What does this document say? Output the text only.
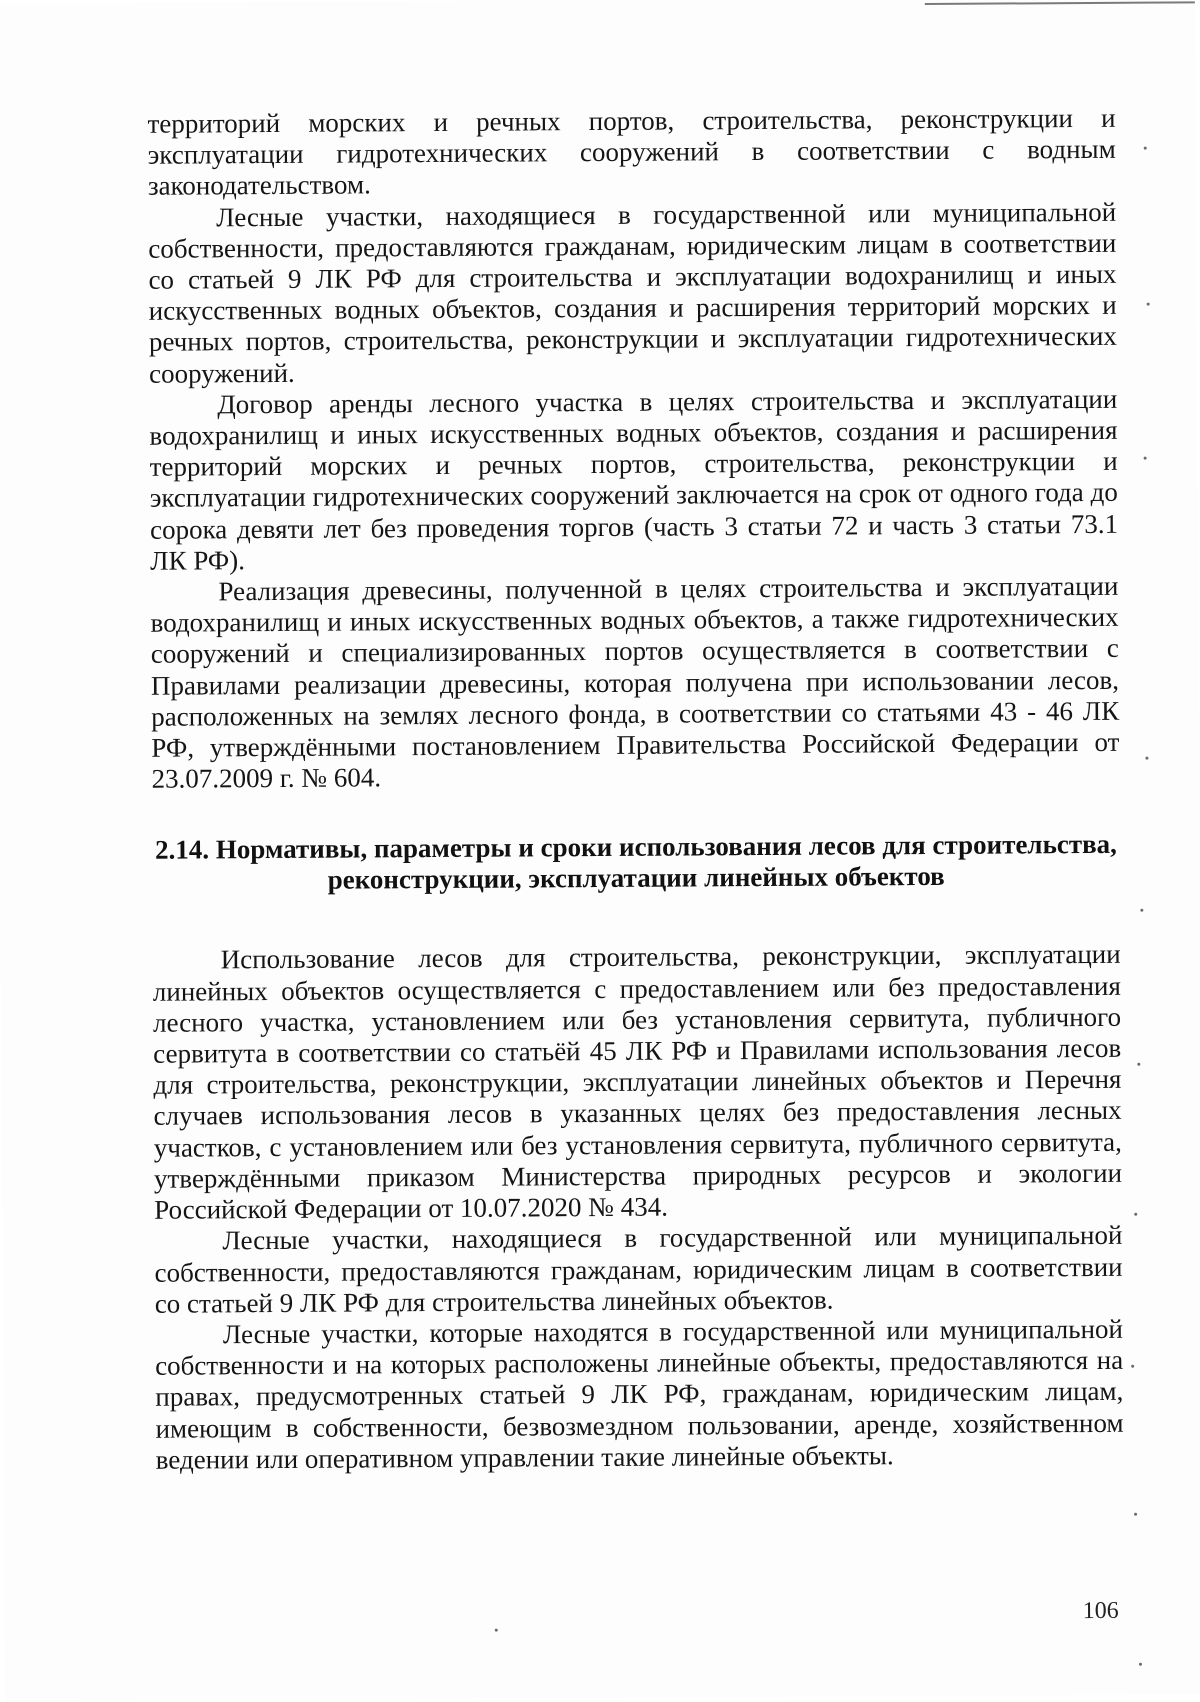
территорий морских и речных портов, строительства, реконструкции и эксплуатации гидротехнических сооружений в соответствии с водным законодательством.

Лесные участки, находящиеся в государственной или муниципальной собственности, предоставляются гражданам, юридическим лицам в соответствии со статьей 9 ЛК РФ для строительства и эксплуатации водохранилищ и иных искусственных водных объектов, создания и расширения территорий морских и речных портов, строительства, реконструкции и эксплуатации гидротехнических сооружений.

Договор аренды лесного участка в целях строительства и эксплуатации водохранилищ и иных искусственных водных объектов, создания и расширения территорий морских и речных портов, строительства, реконструкции и эксплуатации гидротехнических сооружений заключается на срок от одного года до сорока девяти лет без проведения торгов (часть 3 статьи 72 и часть 3 статьи 73.1 ЛК РФ).

Реализация древесины, полученной в целях строительства и эксплуатации водохранилищ и иных искусственных водных объектов, а также гидротехнических сооружений и специализированных портов осуществляется в соответствии с Правилами реализации древесины, которая получена при использовании лесов, расположенных на землях лесного фонда, в соответствии со статьями 43 - 46 ЛК РФ, утверждёнными постановлением Правительства Российской Федерации от 23.07.2009 г. № 604.

2.14. Нормативы, параметры и сроки использования лесов для строительства, реконструкции, эксплуатации линейных объектов

Использование лесов для строительства, реконструкции, эксплуатации линейных объектов осуществляется с предоставлением или без предоставления лесного участка, установлением или без установления сервитута, публичного сервитута в соответствии со статьёй 45 ЛК РФ и Правилами использования лесов для строительства, реконструкции, эксплуатации линейных объектов и Перечня случаев использования лесов в указанных целях без предоставления лесных участков, с установлением или без установления сервитута, публичного сервитута, утверждёнными приказом Министерства природных ресурсов и экологии Российской Федерации от 10.07.2020 № 434.

Лесные участки, находящиеся в государственной или муниципальной собственности, предоставляются гражданам, юридическим лицам в соответствии со статьей 9 ЛК РФ для строительства линейных объектов.

Лесные участки, которые находятся в государственной или муниципальной собственности и на которых расположены линейные объекты, предоставляются на правах, предусмотренных статьей 9 ЛК РФ, гражданам, юридическим лицам, имеющим в собственности, безвозмездном пользовании, аренде, хозяйственном ведении или оперативном управлении такие линейные объекты.

106
